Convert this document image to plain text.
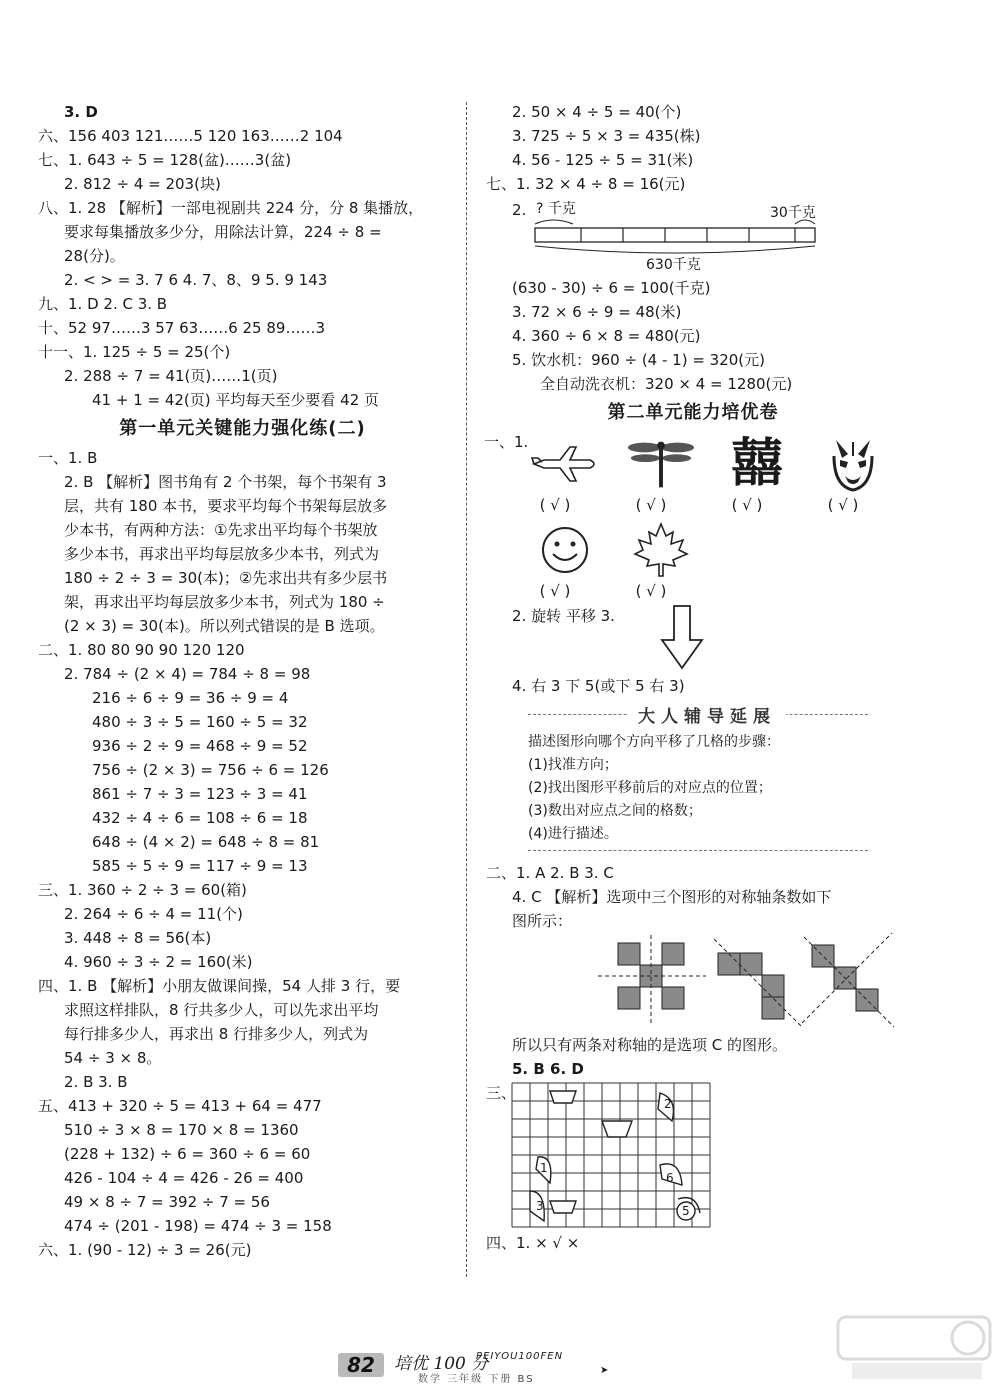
3. D
六、156 403 121……5 120 163……2 104
七、1. 643 ÷ 5 = 128(盆)……3(盆)
2. 812 ÷ 4 = 203(块)
八、1. 28 【解析】一部电视剧共 224 分，分 8 集播放，
要求每集播放多少分，用除法计算，224 ÷ 8 =
28(分)。
2. < > = 3. 7 6 4. 7、8、9 5. 9 143
九、1. D 2. C 3. B
十、52 97……3 57 63……6 25 89……3
十一、1. 125 ÷ 5 = 25(个)
2. 288 ÷ 7 = 41(页)……1(页)
41 + 1 = 42(页) 平均每天至少要看 42 页
第一单元关键能力强化练(二)
一、1. B
2. B 【解析】图书角有 2 个书架，每个书架有 3
层，共有 180 本书，要求平均每个书架每层放多
少本书，有两种方法：①先求出平均每个书架放
多少本书，再求出平均每层放多少本书，列式为
180 ÷ 2 ÷ 3 = 30(本)；②先求出共有多少层书
架，再求出平均每层放多少本书，列式为 180 ÷
(2 × 3) = 30(本)。所以列式错误的是 B 选项。
二、1. 80 80 90 90 120 120
2. 784 ÷ (2 × 4) = 784 ÷ 8 = 98
216 ÷ 6 ÷ 9 = 36 ÷ 9 = 4
480 ÷ 3 ÷ 5 = 160 ÷ 5 = 32
936 ÷ 2 ÷ 9 = 468 ÷ 9 = 52
756 ÷ (2 × 3) = 756 ÷ 6 = 126
861 ÷ 7 ÷ 3 = 123 ÷ 3 = 41
432 ÷ 4 ÷ 6 = 108 ÷ 6 = 18
648 ÷ (4 × 2) = 648 ÷ 8 = 81
585 ÷ 5 ÷ 9 = 117 ÷ 9 = 13
三、1. 360 ÷ 2 ÷ 3 = 60(箱)
2. 264 ÷ 6 ÷ 4 = 11(个)
3. 448 ÷ 8 = 56(本)
4. 960 ÷ 3 ÷ 2 = 160(米)
四、1. B 【解析】小朋友做课间操，54 人排 3 行，要
求照这样排队，8 行共多少人，可以先求出平均
每行排多少人，再求出 8 行排多少人，列式为
54 ÷ 3 × 8。
2. B 3. B
五、413 + 320 ÷ 5 = 413 + 64 = 477
510 ÷ 3 × 8 = 170 × 8 = 1360
(228 + 132) ÷ 6 = 360 ÷ 6 = 60
426 - 104 ÷ 4 = 426 - 26 = 400
49 × 8 ÷ 7 = 392 ÷ 7 = 56
474 ÷ (201 - 198) = 474 ÷ 3 = 158
六、1. (90 - 12) ÷ 3 = 26(元)
2. 50 × 4 ÷ 5 = 40(个)
3. 725 ÷ 5 × 3 = 435(株)
4. 56 - 125 ÷ 5 = 31(米)
七、1. 32 × 4 ÷ 8 = 16(元)
2. ? 千克	30千克
630千克
(630 - 30) ÷ 6 = 100(千克)
3. 72 × 6 ÷ 9 = 48(米)
4. 360 ÷ 6 × 8 = 480(元)
5. 饮水机：960 ÷ (4 - 1) = 320(元)
全自动洗衣机：320 × 4 = 1280(元)
第二单元能力培优卷
一、1.	囍
( √ )	( √ )	( √ )	( √ )
( √ )	( √ )
2. 旋转 平移 3.
4. 右 3 下 5(或下 5 右 3)
大人辅导延展
描述图形向哪个方向平移了几格的步骤：
(1)找准方向；
(2)找出图形平移前后的对应点的位置；
(3)数出对应点之间的格数；
(4)进行描述。
二、1. A 2. B 3. C
4. C 【解析】选项中三个图形的对称轴条数如下
图所示：
所以只有两条对称轴的是选项 C 的图形。
5. B 6. D
三、
2
3	5
1
6
四、1. × √ ×
82	培优 100 分
PEIYOU100FEN
数学 三年级 下册 BS
➤
